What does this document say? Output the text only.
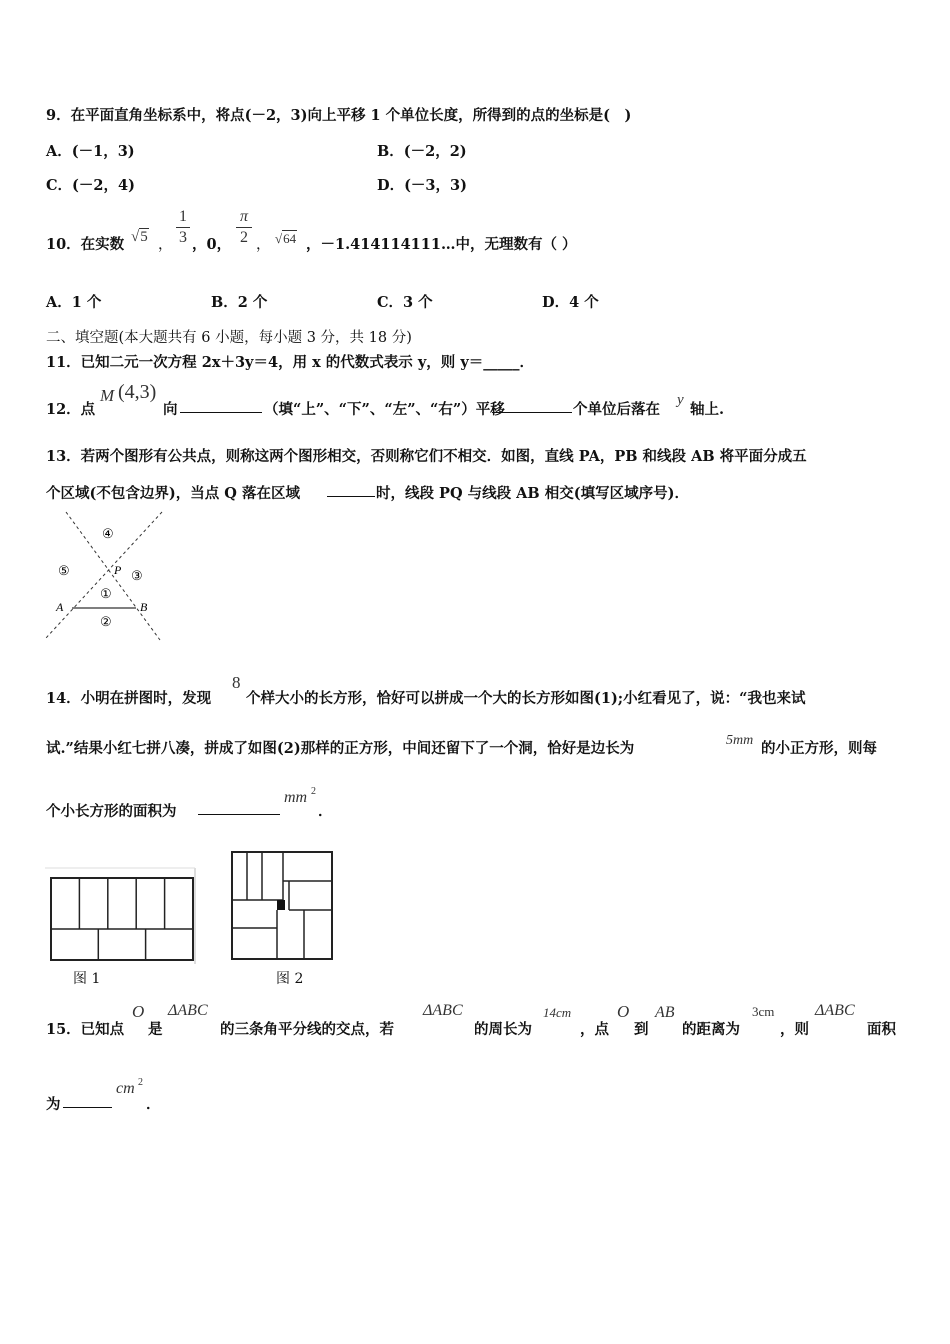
9．在平面直角坐标系中，将点(－2，3)向上平移 1 个单位长度，所得到的点的坐标是(　)
A．(－1，3)	B．(－2，2)
C．(－2，4)	D．(－3，3)
10．在实数 √5 ，
1
3 ，0，
π
2 ， √64 ，－1.414114111…中，无理数有（ ）
A．1 个	B．2 个	C．3 个	D．4 个
二、填空题(本大题共有 6 小题，每小题 3 分，共 18 分)
11．已知二元一次方程 2x＋3y＝4，用 x 的代数式表示 y，则 y＝_____．
12．点
M (4,3)
向	（填“上”、“下”、“左”、“右”）平移	个单位后落在
y
轴上.
13．若两个图形有公共点，则称这两个图形相交，否则称它们不相交．如图，直线 PA，PB 和线段 AB 将平面分成五
个区域(不包含边界)，当点 Q 落在区域	时，线段 PQ 与线段 AB 相交(填写区域序号)．
④
⑤	P ③
①
A	B
②
14．小明在拼图时，发现
8
个样大小的长方形，恰好可以拼成一个大的长方形如图(1);小红看见了，说：“我也来试
试.”结果小红七拼八凑，拼成了如图(2)那样的正方形，中间还留下了一个洞，恰好是边长为	5mm 的小正方形，则每
个小长方形的面积为
mm 2
．
图 1	图 2
15．已知点
O
是
ΔABC
的三条角平分线的交点，若
ΔABC
的周长为
14cm
，点
O
到
AB
的距离为
3cm
，则
ΔABC
面积
为
cm 2
．
